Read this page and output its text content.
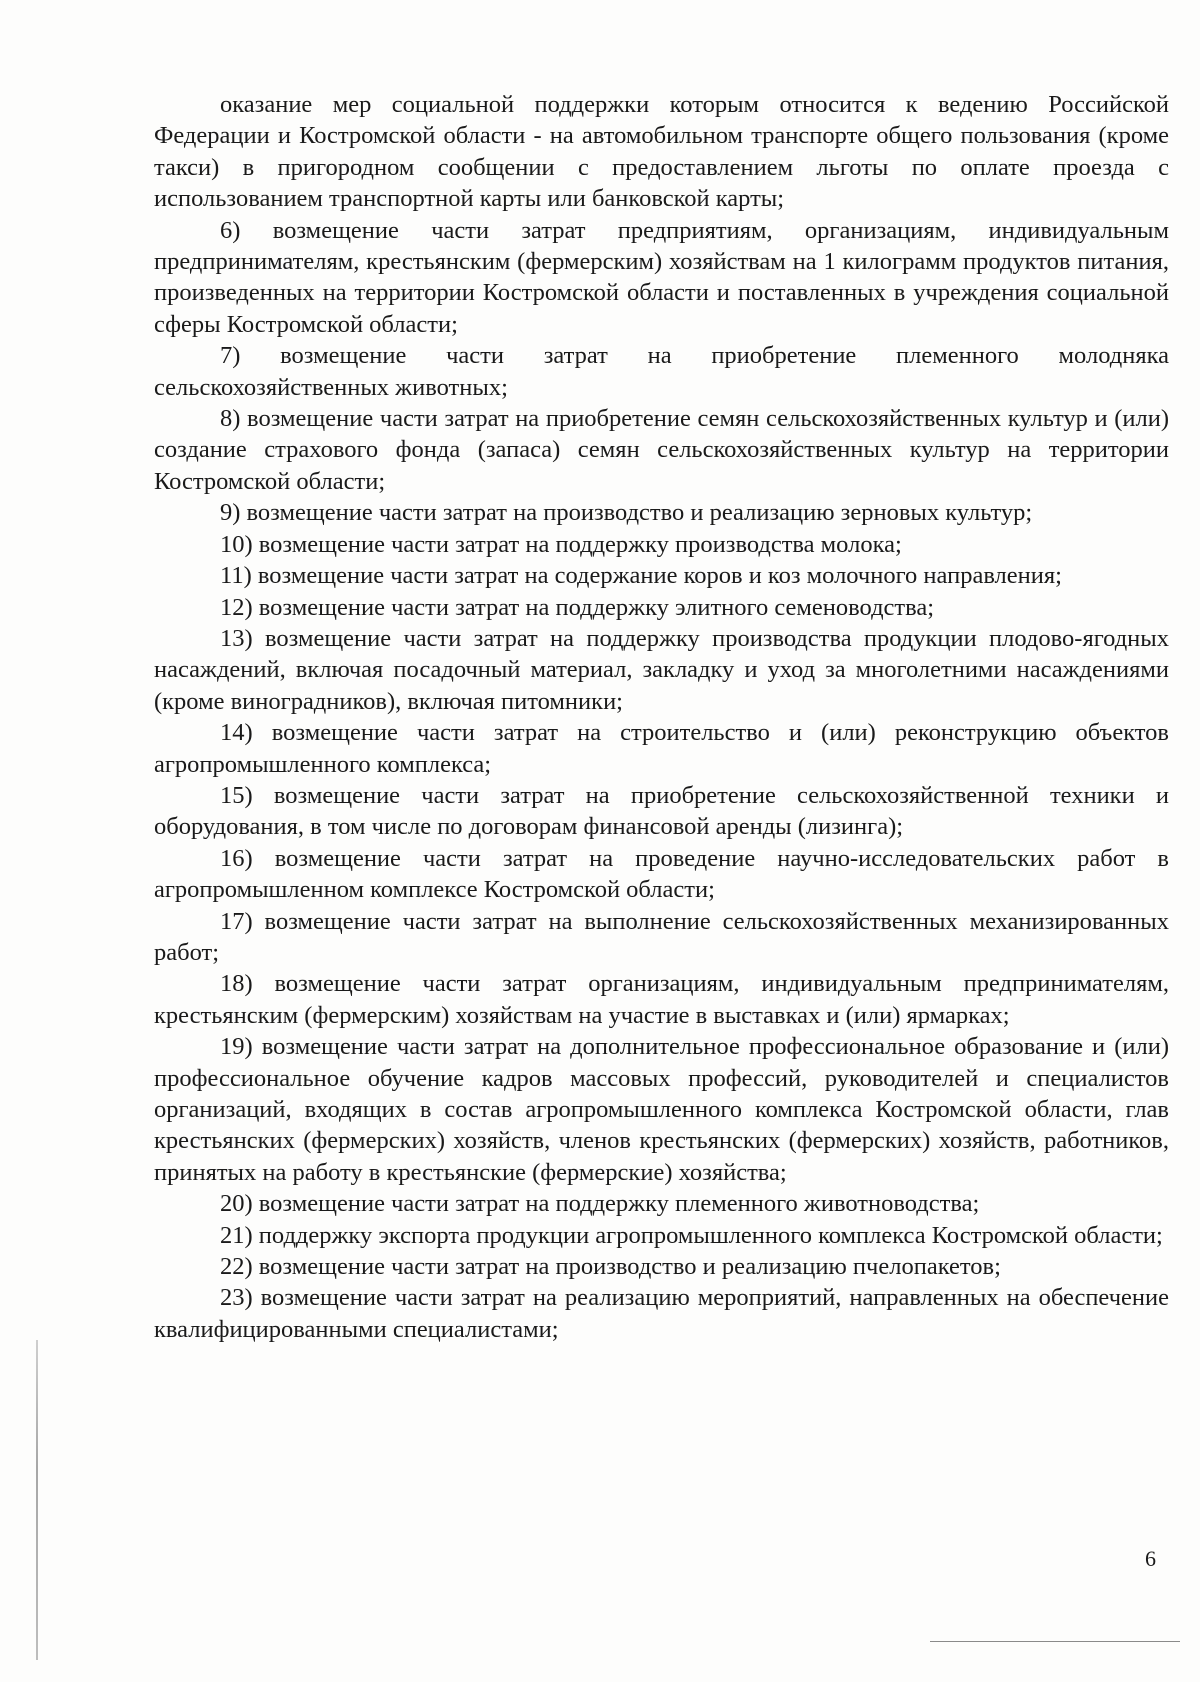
оказание мер социальной поддержки которым относится к ведению Российской Федерации и Костромской области - на автомобильном транспорте общего пользования (кроме такси) в пригородном сообщении с предоставлением льготы по оплате проезда с использованием транспортной карты или банковской карты;

6) возмещение части затрат предприятиям, организациям, индивидуальным предпринимателям, крестьянским (фермерским) хозяйствам на 1 килограмм продуктов питания, произведенных на территории Костромской области и поставленных в учреждения социальной сферы Костромской области;

7) возмещение части затрат на приобретение племенного молодняка сельскохозяйственных животных;

8) возмещение части затрат на приобретение семян сельскохозяйственных культур и (или) создание страхового фонда (запаса) семян сельскохозяйственных культур на территории Костромской области;

9) возмещение части затрат на производство и реализацию зерновых культур;

10) возмещение части затрат на поддержку производства молока;

11) возмещение части затрат на содержание коров и коз молочного направления;

12) возмещение части затрат на поддержку элитного семеноводства;

13) возмещение части затрат на поддержку производства продукции плодово-ягодных насаждений, включая посадочный материал, закладку и уход за многолетними насаждениями (кроме виноградников), включая питомники;

14) возмещение части затрат на строительство и (или) реконструкцию объектов агропромышленного комплекса;

15) возмещение части затрат на приобретение сельскохозяйственной техники и оборудования, в том числе по договорам финансовой аренды (лизинга);

16) возмещение части затрат на проведение научно-исследовательских работ в агропромышленном комплексе Костромской области;

17) возмещение части затрат на выполнение сельскохозяйственных механизированных работ;

18) возмещение части затрат организациям, индивидуальным предпринимателям, крестьянским (фермерским) хозяйствам на участие в выставках и (или) ярмарках;

19) возмещение части затрат на дополнительное профессиональное образование и (или) профессиональное обучение кадров массовых профессий, руководителей и специалистов организаций, входящих в состав агропромышленного комплекса Костромской области, глав крестьянских (фермерских) хозяйств, членов крестьянских (фермерских) хозяйств, работников, принятых на работу в крестьянские (фермерские) хозяйства;

20) возмещение части затрат на поддержку племенного животноводства;

21) поддержку экспорта продукции агропромышленного комплекса Костромской области;

22) возмещение части затрат на производство и реализацию пчелопакетов;

23) возмещение части затрат на реализацию мероприятий, направленных на обеспечение квалифицированными специалистами;

6
